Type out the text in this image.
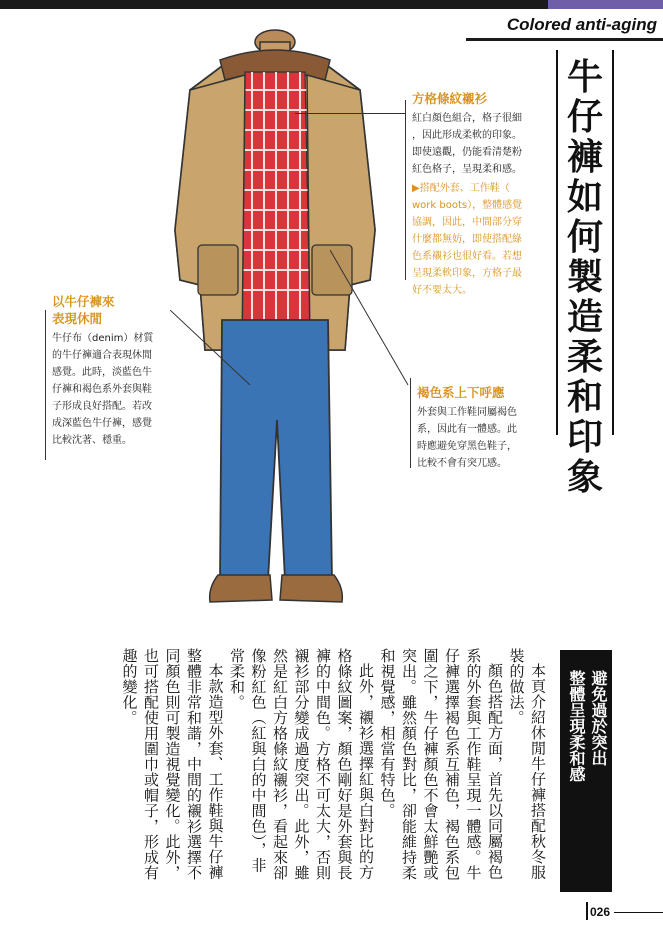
Colored anti-aging
方格條紋襯衫
紅白顏色組合，格子很細
，因此形成柔軟的印象。
即使遠觀，仍能看清楚粉
紅色格子，呈現柔和感。
▶搭配外套、工作鞋（
work boots），整體感覺
協調，因此，中間部分穿
什麼都無妨，即使搭配綠
色系襯衫也很好看。若想
呈現柔軟印象，方格子最
好不要太大。
以牛仔褲來
表現休閒
牛仔布（denim）材質
的牛仔褲適合表現休閒
感覺。此時，淡藍色牛
仔褲和褐色系外套與鞋
子形成良好搭配。若改
成深藍色牛仔褲，感覺
比較沈著、穩重。
褐色系上下呼應
外套與工作鞋同屬褐色
系，因此有一體感。此
時應避免穿黑色鞋子，
比較不會有突兀感。
牛仔褲如何製造柔和印象
避免過於突出
整體呈現柔和感

本頁介紹休閒牛仔褲搭配秋冬服裝的做法。

顏色搭配方面，首先以同屬褐色系的外套與工作鞋呈現一體感。牛仔褲選擇褐色系互補色，褐色系包圍之下，牛仔褲顏色不會太鮮艷或突出。雖然顏色對比，卻能維持柔和視覺感，相當有特色。

此外，襯衫選擇紅與白對比的方格條紋圖案，顏色剛好是外套與長褲的中間色。方格不可太大，否則襯衫部分變成過度突出。此外，雖然是紅白方格條紋襯衫，看起來卻像粉紅色（紅與白的中間色），非常柔和。

本款造型外套、工作鞋與牛仔褲整體非常和諧，中間的襯衫選擇不同顏色則可製造視覺變化。此外，也可搭配使用圍巾或帽子，形成有趣的變化。

026
